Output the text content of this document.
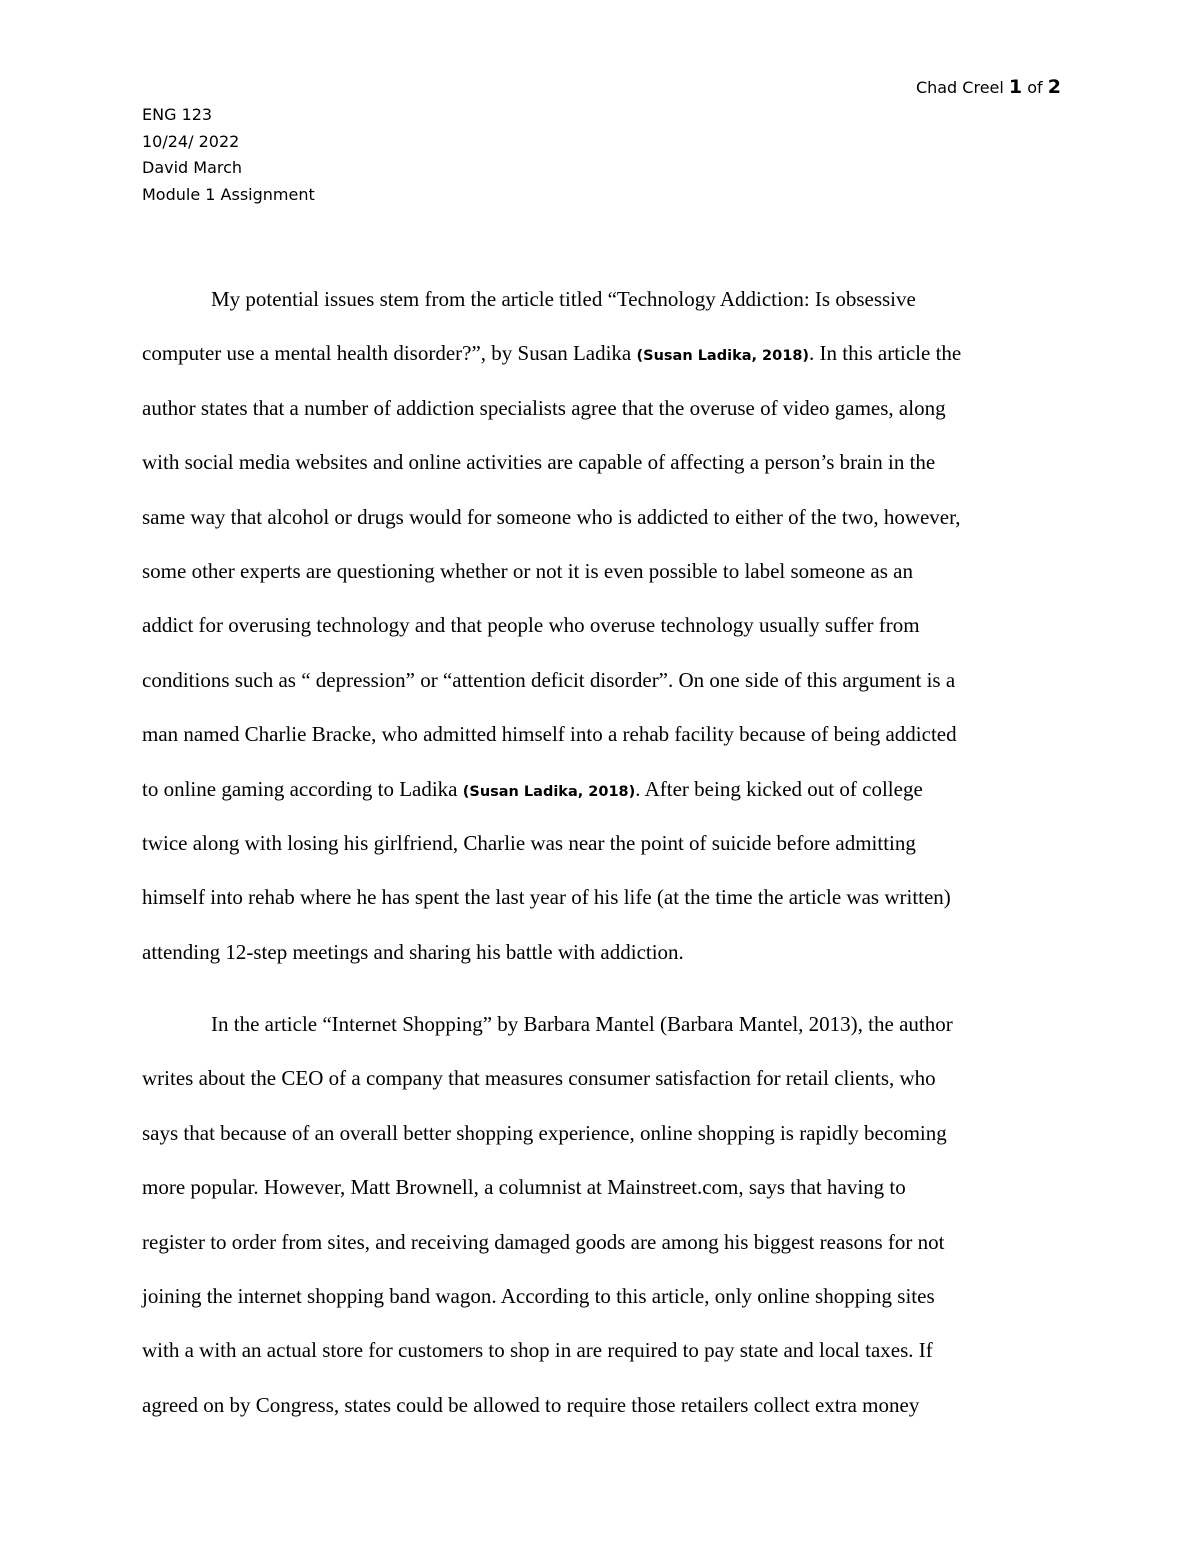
Chad Creel 1 of 2
ENG 123
10/24/ 2022
David March
Module 1 Assignment
My potential issues stem from the article titled “Technology Addiction: Is obsessive
computer use a mental health disorder?”, by Susan Ladika (Susan Ladika, 2018). In this article the
author states that a number of addiction specialists agree that the overuse of video games, along
with social media websites and online activities are capable of affecting a person’s brain in the
same way that alcohol or drugs would for someone who is addicted to either of the two, however,
some other experts are questioning whether or not it is even possible to label someone as an
addict for overusing technology and that people who overuse technology usually suffer from
conditions such as “ depression” or “attention deficit disorder”. On one side of this argument is a
man named Charlie Bracke, who admitted himself into a rehab facility because of being addicted
to online gaming according to Ladika (Susan Ladika, 2018). After being kicked out of college
twice along with losing his girlfriend, Charlie was near the point of suicide before admitting
himself into rehab where he has spent the last year of his life (at the time the article was written)
attending 12-step meetings and sharing his battle with addiction.
In the article “Internet Shopping” by Barbara Mantel (Barbara Mantel, 2013), the author
writes about the CEO of a company that measures consumer satisfaction for retail clients, who
says that because of an overall better shopping experience, online shopping is rapidly becoming
more popular. However, Matt Brownell, a columnist at Mainstreet.com, says that having to
register to order from sites, and receiving damaged goods are among his biggest reasons for not
joining the internet shopping band wagon. According to this article, only online shopping sites
with a with an actual store for customers to shop in are required to pay state and local taxes. If
agreed on by Congress, states could be allowed to require those retailers collect extra money
